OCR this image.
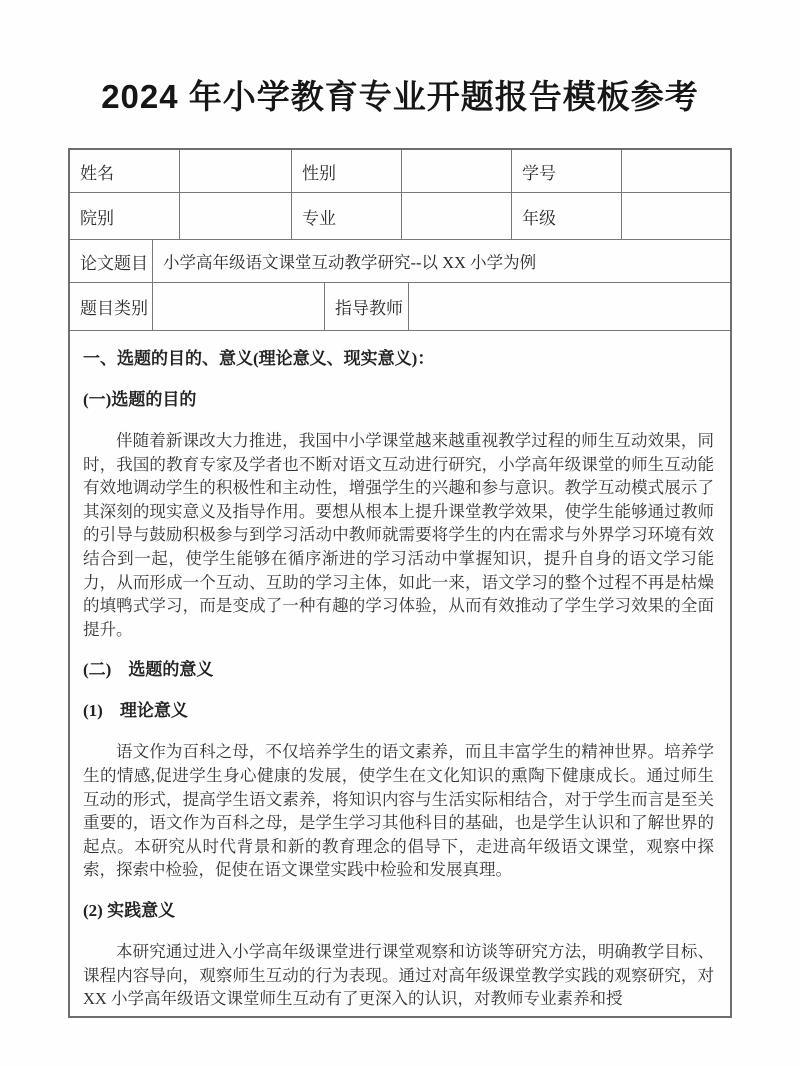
2024 年小学教育专业开题报告模板参考
姓名	性别	学号
院别	专业	年级
论文题目 小学高年级语文课堂互动教学研究--以 XX 小学为例
题目类别	指导教师
一、选题的目的、意义(理论意义、现实意义)：
(一)选题的目的

伴随着新课改大力推进，我国中小学课堂越来越重视教学过程的师生互动效果，同时，我国的教育专家及学者也不断对语文互动进行研究，小学高年级课堂的师生互动能有效地调动学生的积极性和主动性，增强学生的兴趣和参与意识。教学互动模式展示了其深刻的现实意义及指导作用。要想从根本上提升课堂教学效果，使学生能够通过教师的引导与鼓励积极参与到学习活动中教师就需要将学生的内在需求与外界学习环境有效结合到一起，使学生能够在循序渐进的学习活动中掌握知识，提升自身的语文学习能力，从而形成一个互动、互助的学习主体，如此一来，语文学习的整个过程不再是枯燥的填鸭式学习，而是变成了一种有趣的学习体验，从而有效推动了学生学习效果的全面提升。

(二)　选题的意义
(1)　理论意义

语文作为百科之母，不仅培养学生的语文素养，而且丰富学生的精神世界。培养学生的情感,促进学生身心健康的发展，使学生在文化知识的熏陶下健康成长。通过师生互动的形式，提高学生语文素养，将知识内容与生活实际相结合，对于学生而言是至关重要的，语文作为百科之母，是学生学习其他科目的基础，也是学生认识和了解世界的起点。本研究从时代背景和新的教育理念的倡导下，走进高年级语文课堂，观察中探索，探索中检验，促使在语文课堂实践中检验和发展真理。

(2) 实践意义

本研究通过进入小学高年级课堂进行课堂观察和访谈等研究方法，明确教学目标、课程内容导向，观察师生互动的行为表现。通过对高年级课堂教学实践的观察研究，对 XX 小学高年级语文课堂师生互动有了更深入的认识，对教师专业素养和授
